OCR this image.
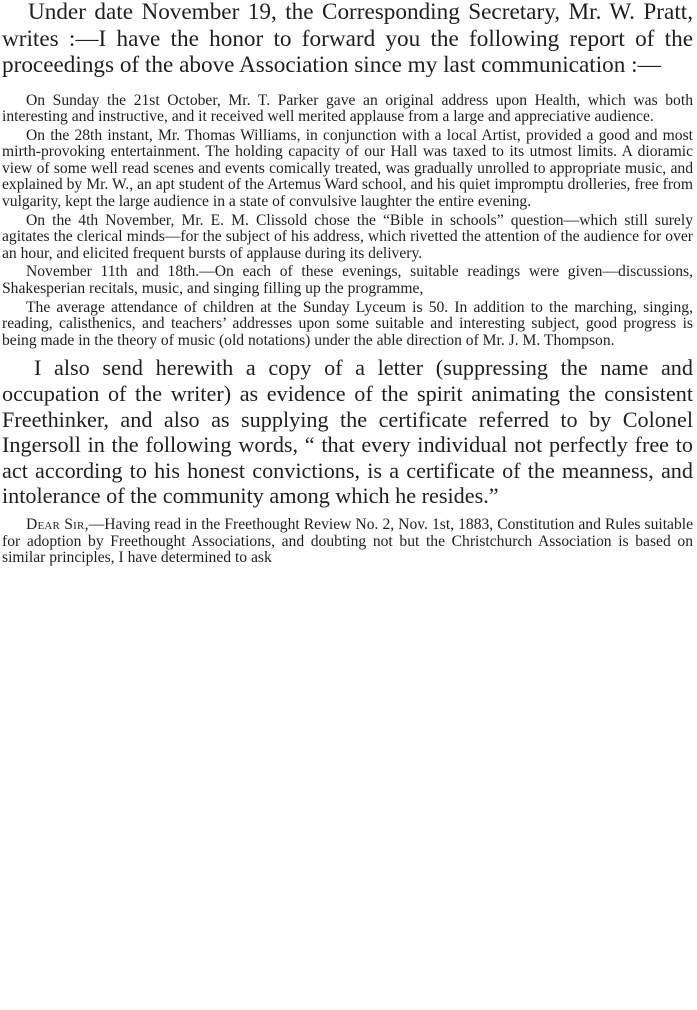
Under date November 19, the Corresponding Secretary, Mr. W. Pratt, writes :—I have the honor to forward you the following report of the proceedings of the above Association since my last communication :—

On Sunday the 21st October, Mr. T. Parker gave an original address upon Health, which was both interesting and instructive, and it received well merited applause from a large and appreciative audience.

On the 28th instant, Mr. Thomas Williams, in conjunction with a local Artist, provided a good and most mirth-provoking entertainment. The holding capacity of our Hall was taxed to its utmost limits. A dioramic view of some well read scenes and events comically treated, was gradually unrolled to appropriate music, and explained by Mr. W., an apt student of the Artemus Ward school, and his quiet impromptu drolleries, free from vulgarity, kept the large audience in a state of convulsive laughter the entire evening.

On the 4th November, Mr. E. M. Clissold chose the “Bible in schools” question—which still surely agitates the clerical minds—for the subject of his address, which rivetted the attention of the audience for over an hour, and elicited frequent bursts of applause during its delivery.

November 11th and 18th.—On each of these evenings, suitable readings were given—discussions, Shakesperian recitals, music, and singing filling up the programme,

The average attendance of children at the Sunday Lyceum is 50. In addition to the marching, singing, reading, calisthenics, and teachers’ addresses upon some suitable and interesting subject, good progress is being made in the theory of music (old notations) under the able direction of Mr. J. M. Thompson.

I also send herewith a copy of a letter (suppressing the name and occupation of the writer) as evidence of the spirit animating the consistent Freethinker, and also as supplying the certificate referred to by Colonel Ingersoll in the following words, “ that every individual not perfectly free to act according to his honest convictions, is a certificate of the meanness, and intolerance of the community among which he resides.”

Dear Sir,—Having read in the Freethought Review No. 2, Nov. 1st, 1883, Constitution and Rules suitable for adoption by Freethought Associations, and doubting not but the Christchurch Association is based on similar principles, I have determined to ask
